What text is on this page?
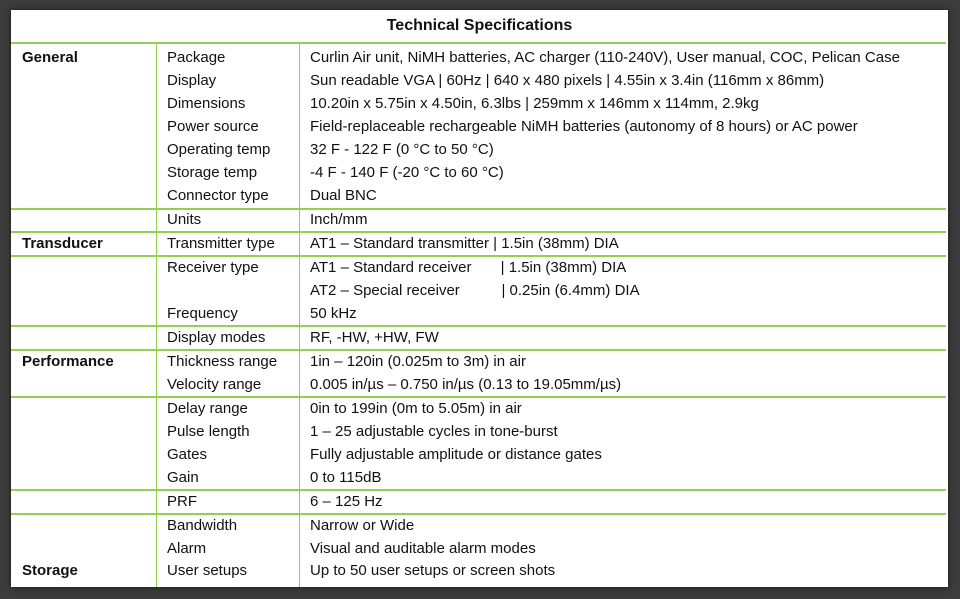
Technical Specifications
General
Transducer
Performance
Storage
Package
Display
Dimensions
Power source
Operating temp
Storage temp
Connector type
Units
Transmitter type
Receiver type
Frequency
Display modes
Thickness range
Velocity range
Delay range
Pulse length
Gates
Gain
PRF
Bandwidth
Alarm
User setups
Curlin Air unit, NiMH batteries, AC charger (110-240V), User manual, COC, Pelican Case
Sun readable VGA | 60Hz | 640 x 480 pixels | 4.55in x 3.4in (116mm x 86mm)
10.20in x 5.75in x 4.50in, 6.3lbs | 259mm x 146mm x 114mm, 2.9kg
Field-replaceable rechargeable NiMH batteries (autonomy of 8 hours) or AC power
32 F - 122 F (0 °C to 50 °C)
-4 F - 140 F (-20 °C to 60 °C)
Dual BNC
Inch/mm
AT1 – Standard transmitter | 1.5in (38mm) DIA
AT1 – Standard receiver       | 1.5in (38mm) DIA
AT2 – Special receiver          | 0.25in (6.4mm) DIA
50 kHz
RF, -HW, +HW, FW
1in – 120in (0.025m to 3m) in air
0.005 in/µs – 0.750 in/µs (0.13 to 19.05mm/µs)
0in to 199in (0m to 5.05m) in air
1 – 25 adjustable cycles in tone-burst
Fully adjustable amplitude or distance gates
0 to 115dB
6 – 125 Hz
Narrow or Wide
Visual and auditable alarm modes
Up to 50 user setups or screen shots
